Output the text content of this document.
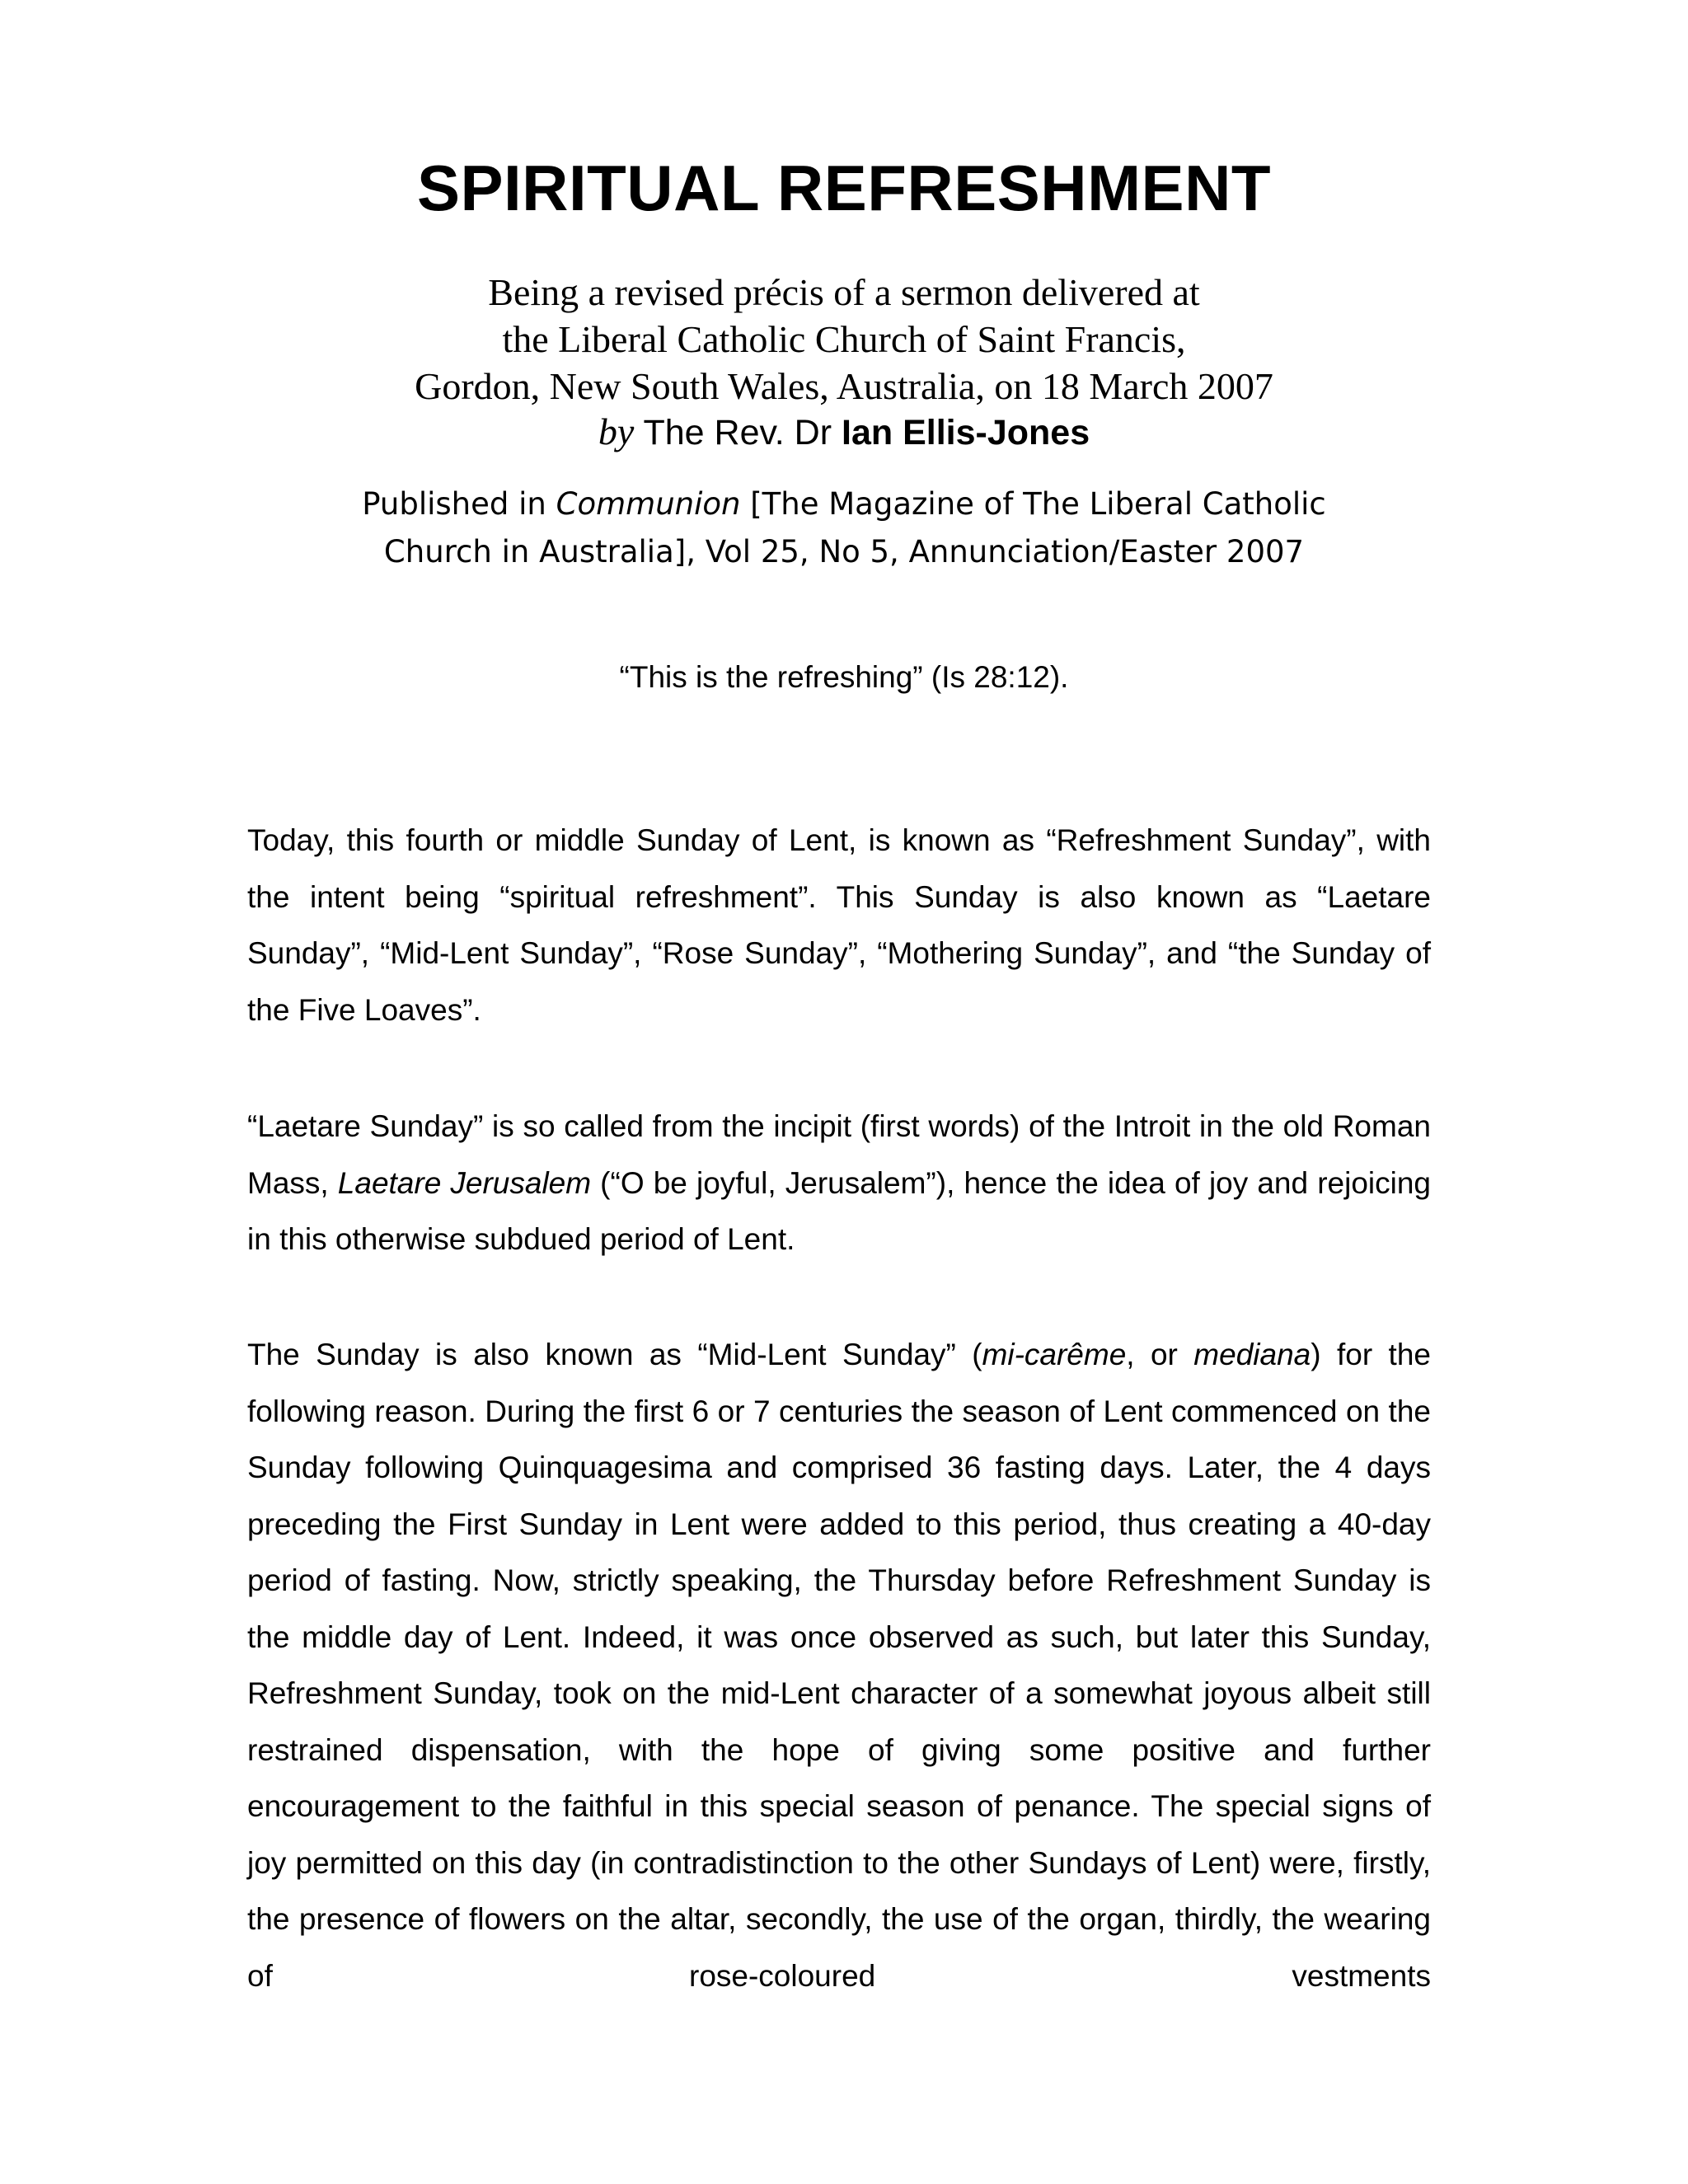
SPIRITUAL REFRESHMENT
Being a revised précis of a sermon delivered at
the Liberal Catholic Church of Saint Francis,
Gordon, New South Wales, Australia, on 18 March 2007
by The Rev. Dr Ian Ellis-Jones
Published in Communion [The Magazine of The Liberal Catholic
Church in Australia], Vol 25, No 5, Annunciation/Easter 2007
“This is the refreshing” (Is 28:12).

Today, this fourth or middle Sunday of Lent, is known as “Refreshment Sunday”, with the intent being “spiritual refreshment”. This Sunday is also known as “Laetare Sunday”, “Mid-Lent Sunday”, “Rose Sunday”, “Mothering Sunday”, and “the Sunday of the Five Loaves”.

“Laetare Sunday” is so called from the incipit (first words) of the Introit in the old Roman Mass, Laetare Jerusalem (“O be joyful, Jerusalem”), hence the idea of joy and rejoicing in this otherwise subdued period of Lent.

The Sunday is also known as “Mid-Lent Sunday” (mi-carême, or mediana) for the following reason. During the first 6 or 7 centuries the season of Lent commenced on the Sunday following Quinquagesima and comprised 36 fasting days. Later, the 4 days preceding the First Sunday in Lent were added to this period, thus creating a 40-day period of fasting. Now, strictly speaking, the Thursday before Refreshment Sunday is the middle day of Lent. Indeed, it was once observed as such, but later this Sunday, Refreshment Sunday, took on the mid-Lent character of a somewhat joyous albeit still restrained dispensation, with the hope of giving some positive and further encouragement to the faithful in this special season of penance. The special signs of joy permitted on this day (in contradistinction to the other Sundays of Lent) were, firstly, the presence of flowers on the altar, secondly, the use of the organ, thirdly, the wearing of rose-coloured vestments
